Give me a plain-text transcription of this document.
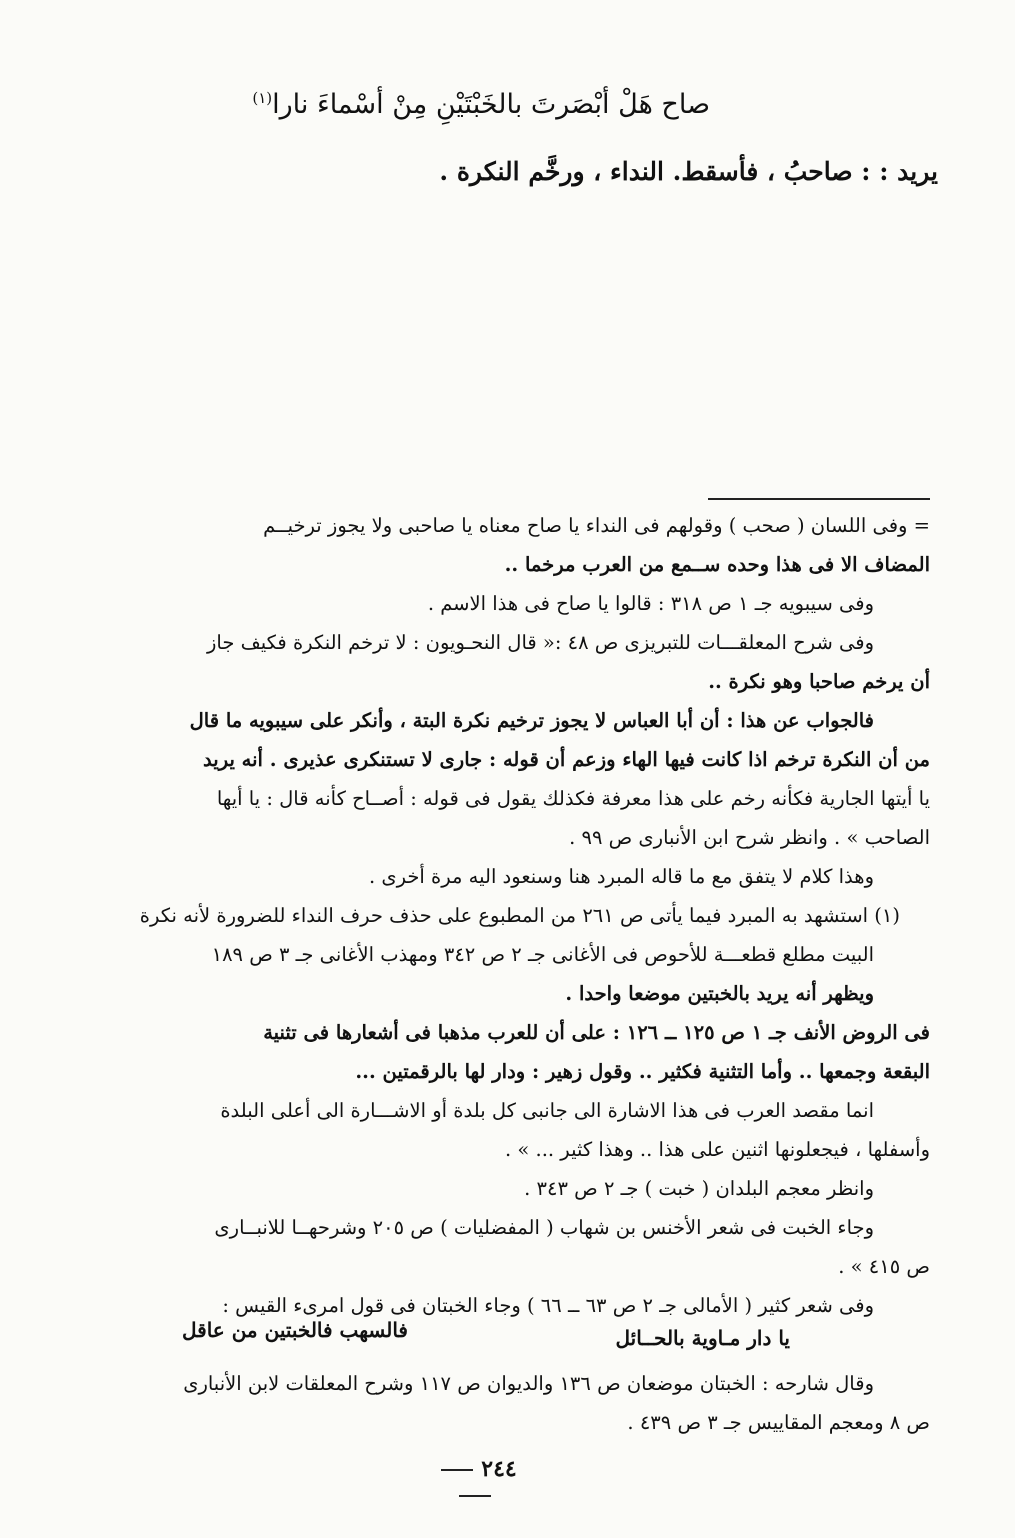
صاح هَلْ أبْصَرتَ بالخَبْتَيْنِ مِنْ أسْماءَ نارا$^{(١)}$
يريد : : صاحبُ ، فأسقط. النداء ، ورخَّم النكرة .
= وفى اللسان ( صحب ) وقولهم فى النداء يا صاح معناه يا صاحبى ولا يجوز ترخيــم
المضاف الا فى هذا وحده ســمع من العرب مرخما ..
وفى سيبويه جـ ١ ص ٣١٨ : قالوا يا صاح فى هذا الاسم .
وفى شرح المعلقـــات للتبريزى ص ٤٨ :« قال النحـويون : لا ترخم النكرة فكيف جاز
أن يرخم صاحبا وهو نكرة ..
فالجواب عن هذا : أن أبا العباس لا يجوز ترخيم نكرة البتة ، وأنكر على سيبويه ما قال
من أن النكرة ترخم اذا كانت فيها الهاء وزعم أن قوله : جارى لا تستنكرى عذيرى . أنه يريد
يا أيتها الجارية فكأنه رخم على هذا معرفة فكذلك يقول فى قوله : أصــاح كأنه قال : يا أيها
الصاحب » . وانظر شرح ابن الأنبارى ص ٩٩ .
وهذا كلام لا يتفق مع ما قاله المبرد هنا وسنعود اليه مرة أخرى .
(١) استشهد به المبرد فيما يأتى ص ٢٦١ من المطبوع على حذف حرف النداء للضرورة لأنه نكرة
البيت مطلع قطعـــة للأحوص فى الأغانى جـ ٢ ص ٣٤٢ ومهذب الأغانى جـ ٣ ص ١٨٩
ويظهر أنه يريد بالخبتين موضعا واحدا .
فى الروض الأنف جـ ١ ص ١٢٥ ــ ١٢٦ : على أن للعرب مذهبا فى أشعارها فى تثنية
البقعة وجمعها .. وأما التثنية فكثير .. وقول زهير : ودار لها بالرقمتين ...
انما مقصد العرب فى هذا الاشارة الى جانبى كل بلدة أو الاشـــارة الى أعلى البلدة
وأسفلها ، فيجعلونها اثنين على هذا .. وهذا كثير ... » .
وانظر معجم البلدان ( خبت ) جـ ٢ ص ٣٤٣ .
وجاء الخبت فى شعر الأخنس بن شهاب ( المفضليات ) ص ٢٠٥ وشرحهــا للانبــارى
ص ٤١٥ » .
وفى شعر كثير ( الأمالى جـ ٢ ص ٦٣ ــ ٦٦ ) وجاء الخبتان فى قول امرىء القيس :
يا دار مـاوية بالحــائل
فالسهب فالخبتين من عاقل
وقال شارحه : الخبتان موضعان ص ١٣٦ والديوان ص ١١٧ وشرح المعلقات لابن الأنبارى
ص ٨ ومعجم المقاييس جـ ٣ ص ٤٣٩ .
٢٤٤
